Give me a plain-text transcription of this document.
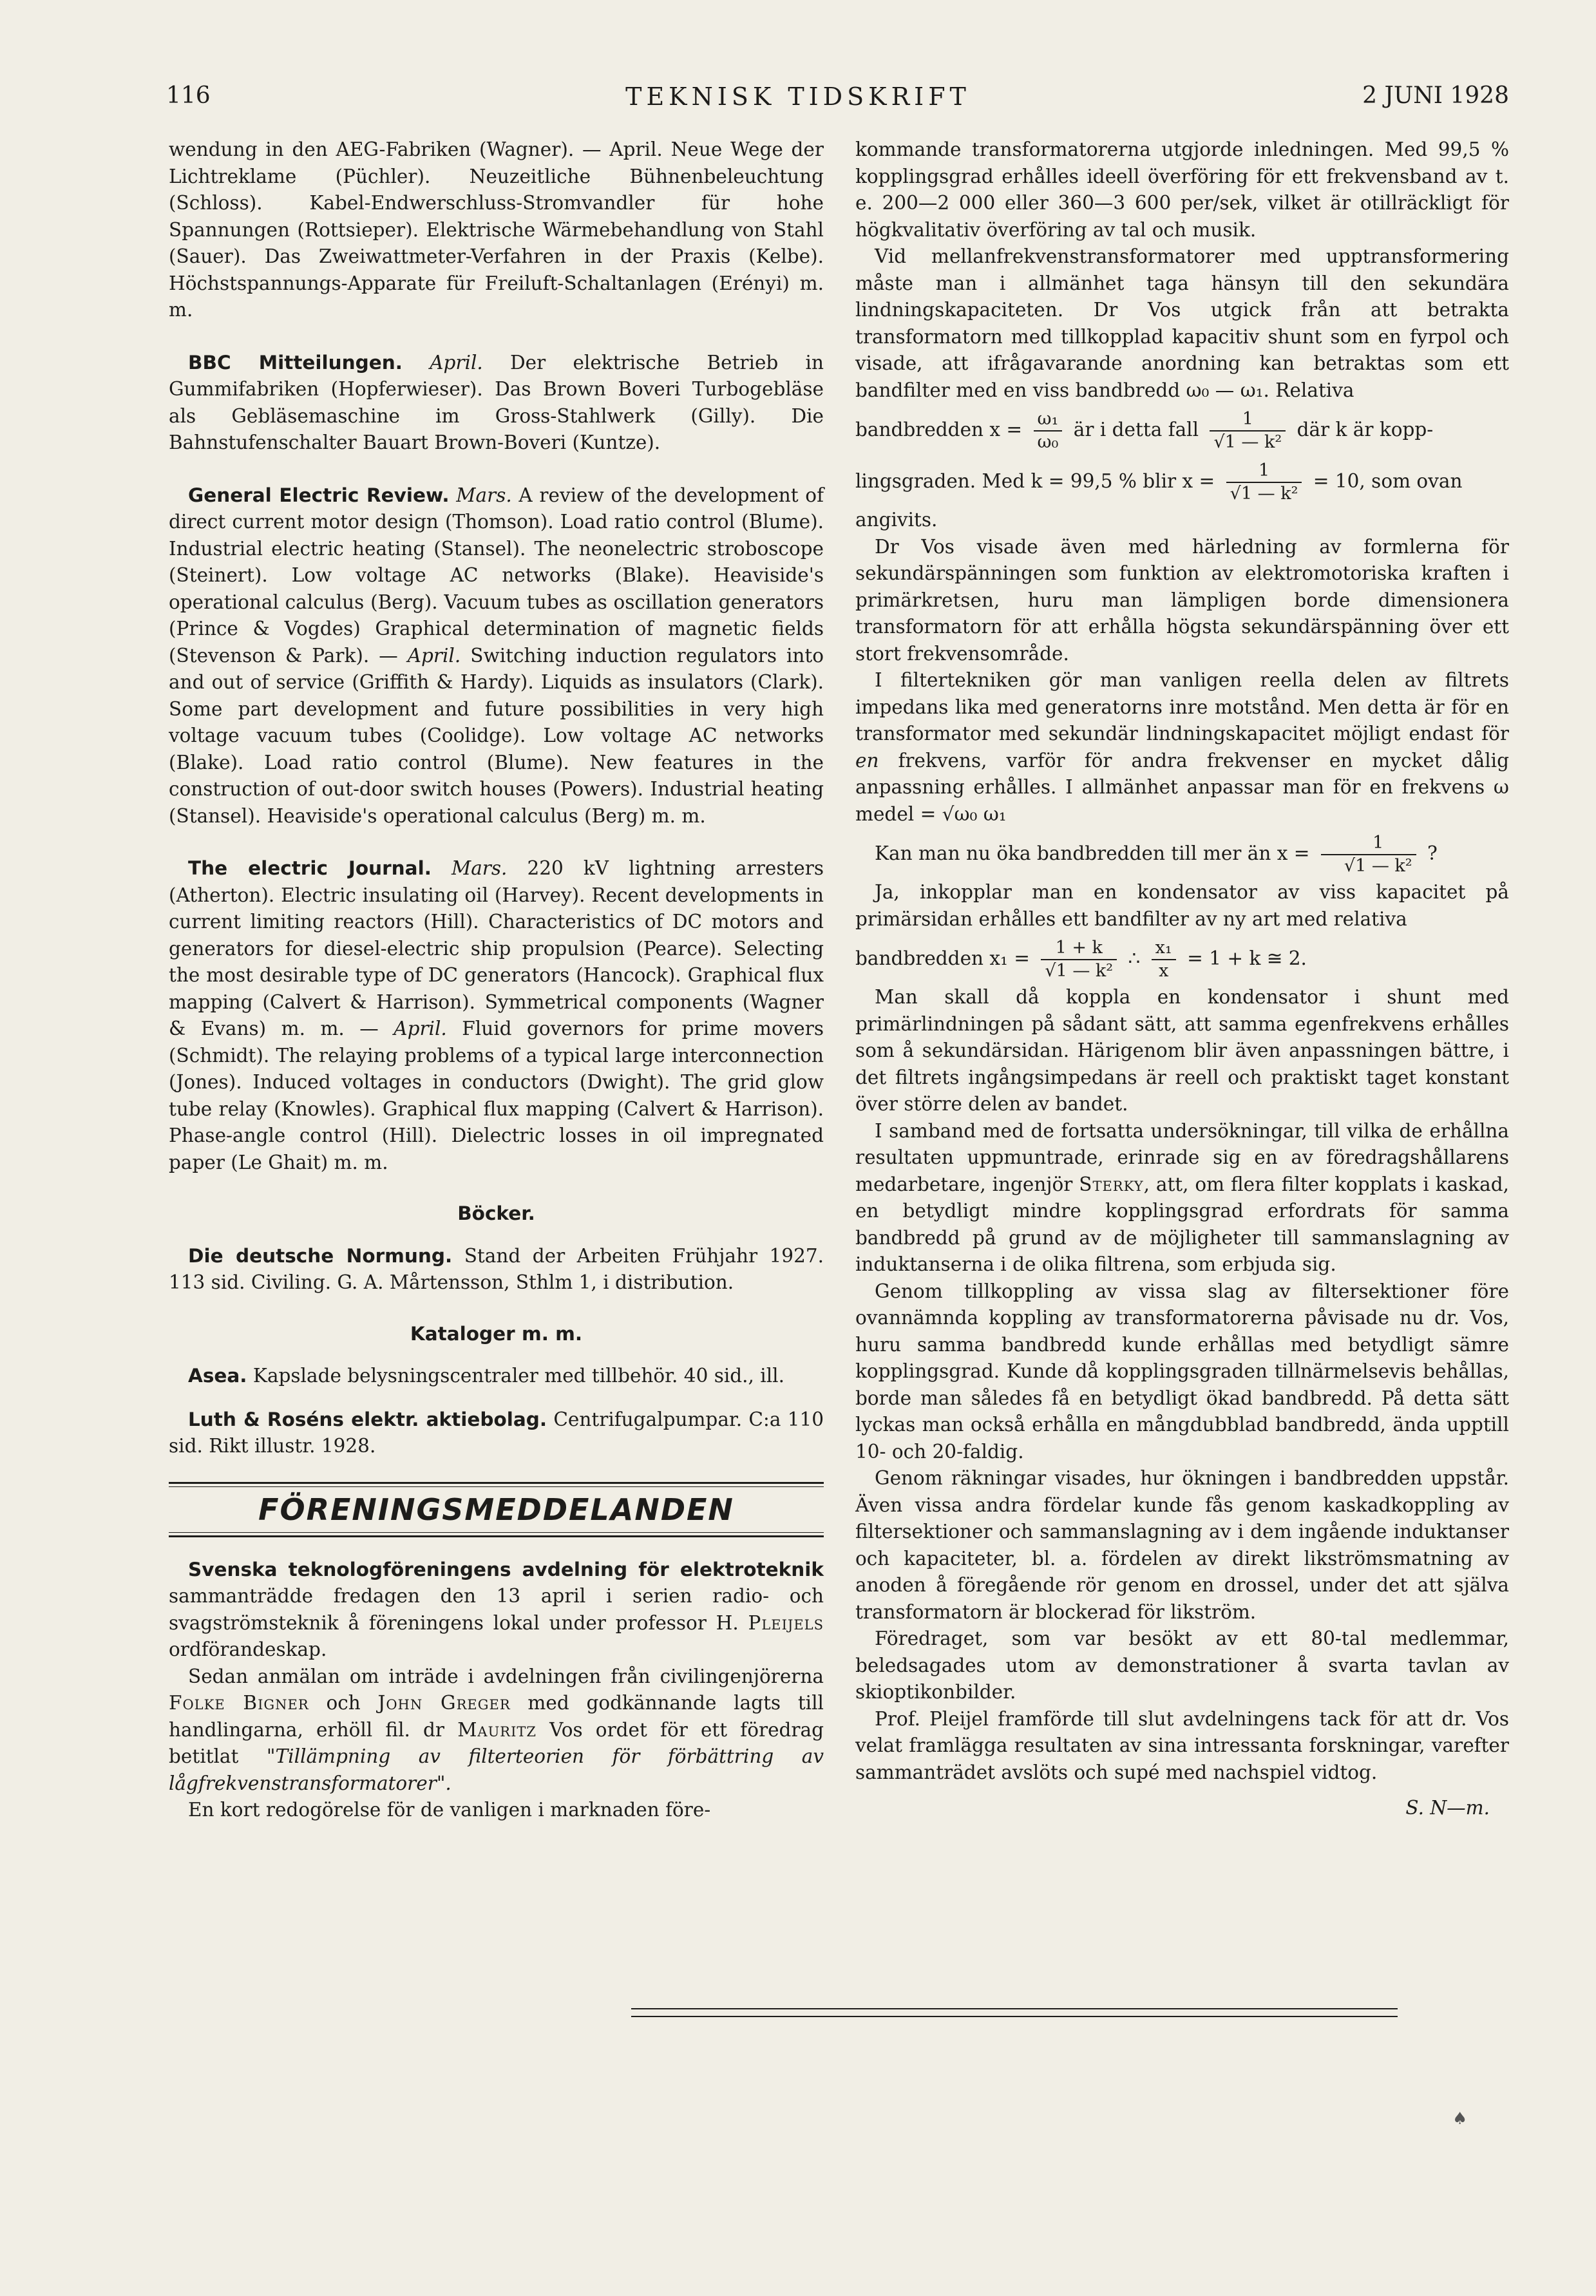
116	TEKNISK TIDSKRIFT	2 JUNI 1928

wendung in den AEG-Fabriken (Wagner). — April. Neue Wege der Lichtreklame (Püchler). Neuzeitliche Bühnenbeleuchtung (Schloss). Kabel-Endwerschluss-Stromvandler für hohe Spannungen (Rottsieper). Elektrische Wärmebehandlung von Stahl (Sauer). Das Zweiwattmeter-Verfahren in der Praxis (Kelbe). Höchstspannungs-Apparate für Freiluft-Schaltanlagen (Erényi) m. m.

BBC Mitteilungen. April. Der elektrische Betrieb in Gummifabriken (Hopferwieser). Das Brown Boveri Turbogebläse als Gebläsemaschine im Gross-Stahlwerk (Gilly). Die Bahnstufenschalter Bauart Brown-Boveri (Kuntze).

General Electric Review. Mars. A review of the development of direct current motor design (Thomson). Load ratio control (Blume). Industrial electric heating (Stansel). The neonelectric stroboscope (Steinert). Low voltage AC networks (Blake). Heaviside's operational calculus (Berg). Vacuum tubes as oscillation generators (Prince & Vogdes) Graphical determination of magnetic fields (Stevenson & Park). — April. Switching induction regulators into and out of service (Griffith & Hardy). Liquids as insulators (Clark). Some part development and future possibilities in very high voltage vacuum tubes (Coolidge). Low voltage AC networks (Blake). Load ratio control (Blume). New features in the construction of out-door switch houses (Powers). Industrial heating (Stansel). Heaviside's operational calculus (Berg) m. m.

The electric Journal. Mars. 220 kV lightning arresters (Atherton). Electric insulating oil (Harvey). Recent developments in current limiting reactors (Hill). Characteristics of DC motors and generators for diesel-electric ship propulsion (Pearce). Selecting the most desirable type of DC generators (Hancock). Graphical flux mapping (Calvert & Harrison). Symmetrical components (Wagner & Evans) m. m. — April. Fluid governors for prime movers (Schmidt). The relaying problems of a typical large interconnection (Jones). Induced voltages in conductors (Dwight). The grid glow tube relay (Knowles). Graphical flux mapping (Calvert & Harrison). Phase-angle control (Hill). Dielectric losses in oil impregnated paper (Le Ghait) m. m.

Böcker.

Die deutsche Normung. Stand der Arbeiten Frühjahr 1927. 113 sid. Civiling. G. A. Mårtensson, Sthlm 1, i distribution.

Kataloger m. m.

Asea. Kapslade belysningscentraler med tillbehör. 40 sid., ill.

Luth & Roséns elektr. aktiebolag. Centrifugalpumpar. C:a 110 sid. Rikt illustr. 1928.

FÖRENINGSMEDDELANDEN

Svenska teknologföreningens avdelning för elektroteknik sammanträdde fredagen den 13 april i serien radio- och svagströmsteknik å föreningens lokal under professor H. Pleijels ordförandeskap.

Sedan anmälan om inträde i avdelningen från civilingenjörerna Folke Bigner och John Greger med godkännande lagts till handlingarna, erhöll fil. dr Mauritz Vos ordet för ett föredrag betitlat "Tillämpning av filterteorien för förbättring av lågfrekvenstransformatorer".

En kort redogörelse för de vanligen i marknaden före-

kommande transformatorerna utgjorde inledningen. Med 99,5 % kopplingsgrad erhålles ideell överföring för ett frekvensband av t. e. 200—2 000 eller 360—3 600 per/sek, vilket är otillräckligt för högkvalitativ överföring av tal och musik.

Vid mellanfrekvenstransformatorer med upptransformering måste man i allmänhet taga hänsyn till den sekundära lindningskapaciteten. Dr Vos utgick från att betrakta transformatorn med tillkopplad kapacitiv shunt som en fyrpol och visade, att ifrågavarande anordning kan betraktas som ett bandfilter med en viss bandbredd ω₀ — ω₁. Relativa

bandbredden $x = \frac{\text{ω₁}}{\text{ω₀}}$ är i detta fall $\frac{1}{\text{√1 — k²}}$ där k är kopp-

lingsgraden. Med k = 99,5 % blir $x = \frac{1}{\text{√1 — k²}} = 10$, som ovan

angivits.

Dr Vos visade även med härledning av formlerna för sekundärspänningen som funktion av elektromotoriska kraften i primärkretsen, huru man lämpligen borde dimensionera transformatorn för att erhålla högsta sekundärspänning över ett stort frekvensområde.

I filtertekniken gör man vanligen reella delen av filtrets impedans lika med generatorns inre motstånd. Men detta är för en transformator med sekundär lindningskapacitet möjligt endast för en frekvens, varför för andra frekvenser en mycket dålig anpassning erhålles. I allmänhet anpassar man för en frekvens ω medel = √ω₀ ω₁

Kan man nu öka bandbredden till mer än $x = \frac{1}{\text{√1 — k²}}$ ?

Ja, inkopplar man en kondensator av viss kapacitet på primärsidan erhålles ett bandfilter av ny art med relativa

bandbredden $x_1 = \frac{1 + k}{\text{√1 — k²}}$ ∴ $\frac{\text{x₁}}{x} = 1 + k$ ≅ 2.

Man skall då koppla en kondensator i shunt med primärlindningen på sådant sätt, att samma egenfrekvens erhålles som å sekundärsidan. Härigenom blir även anpassningen bättre, i det filtrets ingångsimpedans är reell och praktiskt taget konstant över större delen av bandet.

I samband med de fortsatta undersökningar, till vilka de erhållna resultaten uppmuntrade, erinrade sig en av föredragshållarens medarbetare, ingenjör Sterky, att, om flera filter kopplats i kaskad, en betydligt mindre kopplingsgrad erfordrats för samma bandbredd på grund av de möjligheter till sammanslagning av induktanserna i de olika filtrena, som erbjuda sig.

Genom tillkoppling av vissa slag av filtersektioner före ovannämnda koppling av transformatorerna påvisade nu dr. Vos, huru samma bandbredd kunde erhållas med betydligt sämre kopplingsgrad. Kunde då kopplingsgraden tillnärmelsevis behållas, borde man således få en betydligt ökad bandbredd. På detta sätt lyckas man också erhålla en mångdubblad bandbredd, ända upptill 10- och 20-faldig.

Genom räkningar visades, hur ökningen i bandbredden uppstår. Även vissa andra fördelar kunde fås genom kaskadkoppling av filtersektioner och sammanslagning av i dem ingående induktanser och kapaciteter, bl. a. fördelen av direkt likströmsmatning av anoden å föregående rör genom en drossel, under det att själva transformatorn är blockerad för likström.

Föredraget, som var besökt av ett 80-tal medlemmar, beledsagades utom av demonstrationer å svarta tavlan av skioptikonbilder.

Prof. Pleijel framförde till slut avdelningens tack för att dr. Vos velat framlägga resultaten av sina intressanta forskningar, varefter sammanträdet avslöts och supé med nachspiel vidtog.

S. N—m.

♠
